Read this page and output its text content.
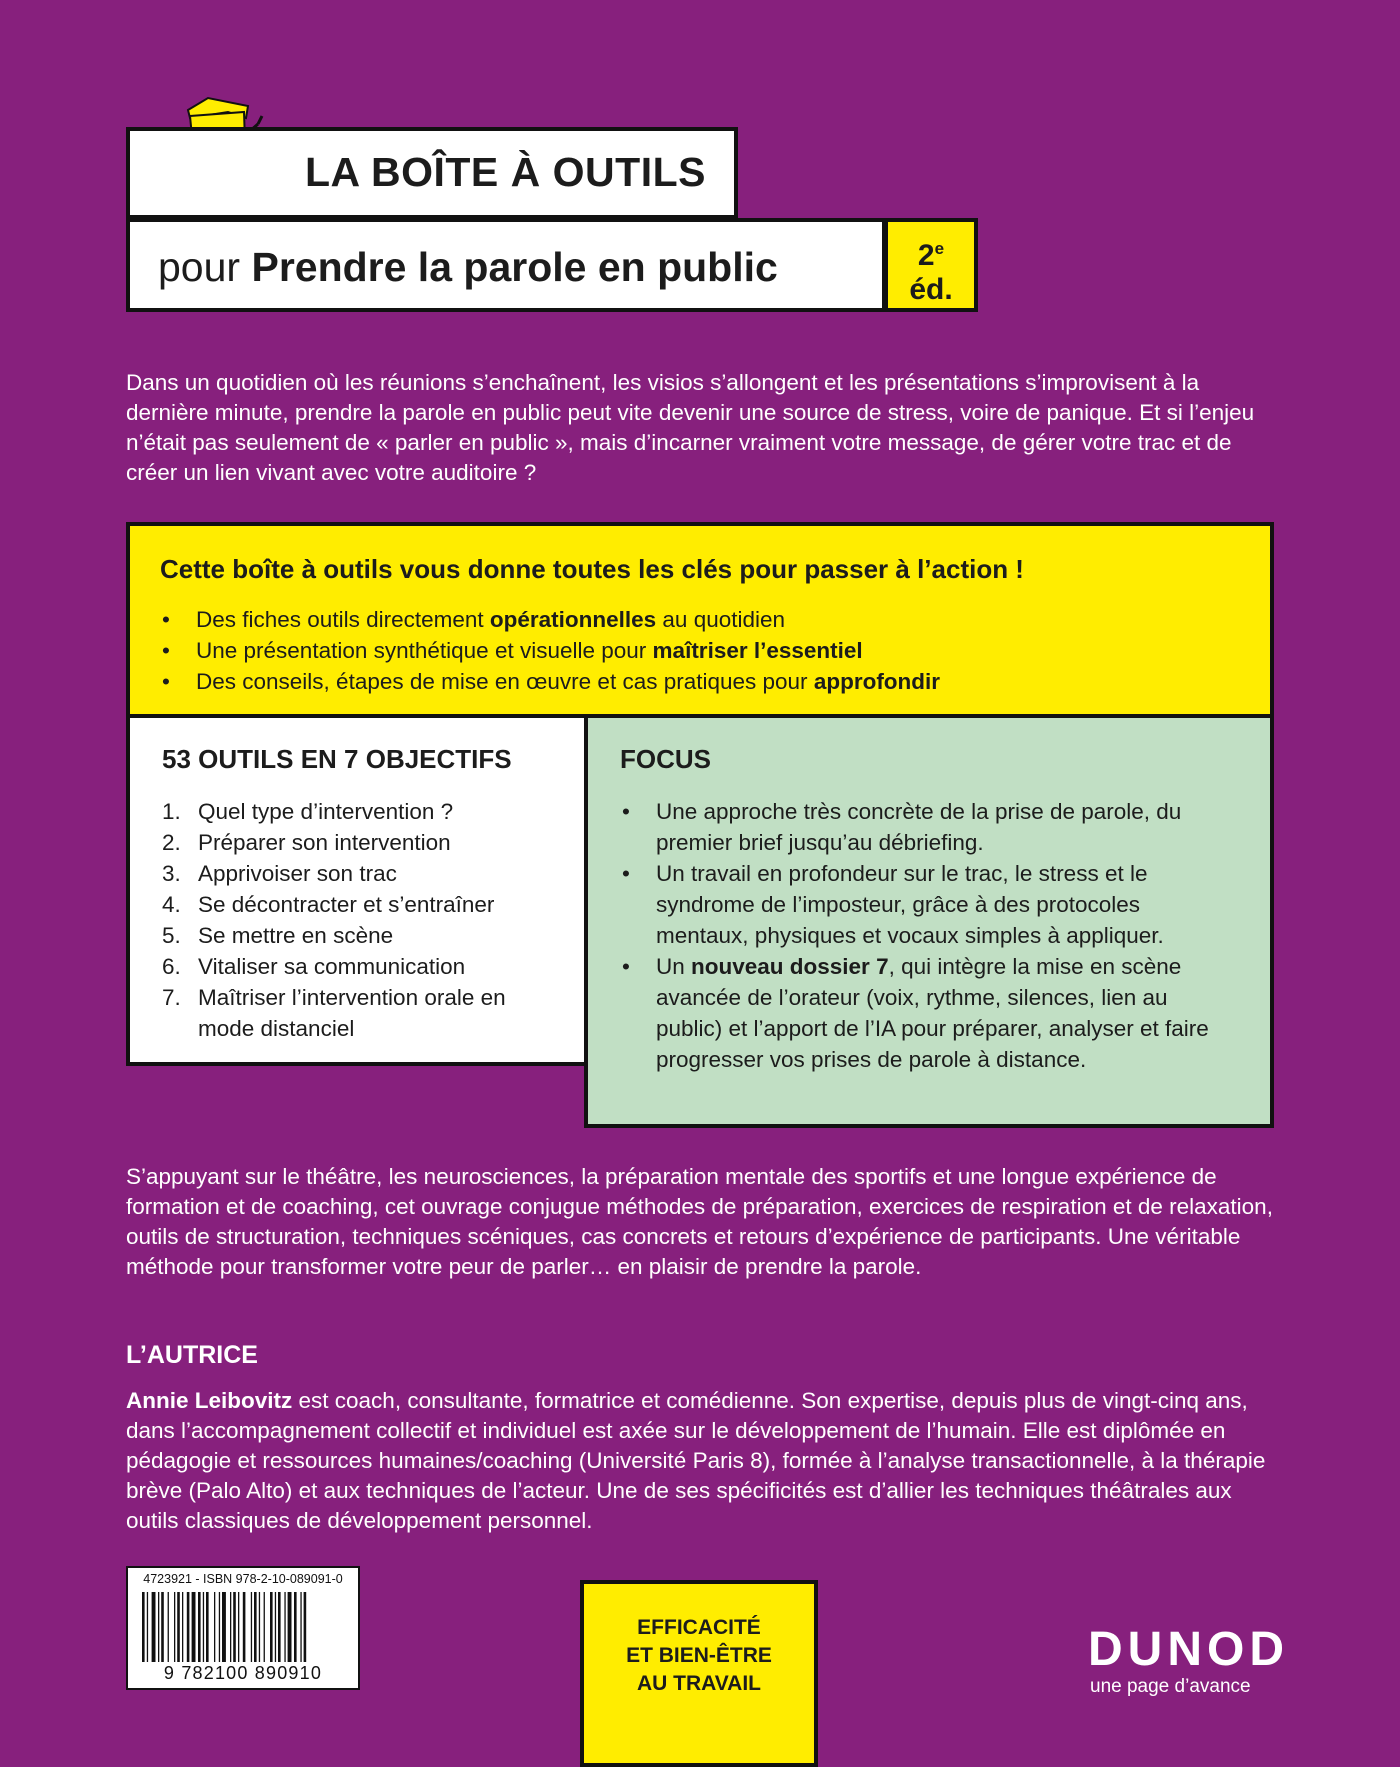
LA BOÎTE À OUTILS
pour Prendre la parole en public	2e
éd.
Dans un quotidien où les réunions s’enchaînent, les visios s’allongent et les présentations s’improvisent à la dernière minute, prendre la parole en public peut vite devenir une source de stress, voire de panique. Et si l’enjeu n’était pas seulement de « parler en public », mais d’incarner vraiment votre message, de gérer votre trac et de créer un lien vivant avec votre auditoire ?
Cette boîte à outils vous donne toutes les clés pour passer à l’action !
• Des fiches outils directement opérationnelles au quotidien
• Une présentation synthétique et visuelle pour maîtriser l’essentiel
• Des conseils, étapes de mise en œuvre et cas pratiques pour approfondir
53 OUTILS EN 7 OBJECTIFS
1. Quel type d’intervention ?
2. Préparer son intervention
3. Apprivoiser son trac
4. Se décontracter et s’entraîner
5. Se mettre en scène
6. Vitaliser sa communication
7. Maîtriser l’intervention orale en mode distanciel
FOCUS
• Une approche très concrète de la prise de parole, du premier brief jusqu’au débriefing.
• Un travail en profondeur sur le trac, le stress et le syndrome de l’imposteur, grâce à des protocoles mentaux, physiques et vocaux simples à appliquer.
• Un nouveau dossier 7, qui intègre la mise en scène avancée de l’orateur (voix, rythme, silences, lien au public) et l’apport de l’IA pour préparer, analyser et faire progresser vos prises de parole à distance.
S’appuyant sur le théâtre, les neurosciences, la préparation mentale des sportifs et une longue expérience de formation et de coaching, cet ouvrage conjugue méthodes de préparation, exercices de respiration et de relaxation, outils de structuration, techniques scéniques, cas concrets et retours d’expérience de participants. Une véritable méthode pour transformer votre peur de parler… en plaisir de prendre la parole.
L’AUTRICE
Annie Leibovitz est coach, consultante, formatrice et comédienne. Son expertise, depuis plus de vingt-cinq ans, dans l’accompagnement collectif et individuel est axée sur le développement de l’humain. Elle est diplômée en pédagogie et ressources humaines/coaching (Université Paris 8), formée à l’analyse transactionnelle, à la thérapie brève (Palo Alto) et aux techniques de l’acteur. Une de ses spécificités est d’allier les techniques théâtrales aux outils classiques de développement personnel.
4723921 - ISBN 978-2-10-089091-0
9 782100 890910
EFFICACITÉ
ET BIEN-ÊTRE
AU TRAVAIL
DUNOD
une page d’avance
